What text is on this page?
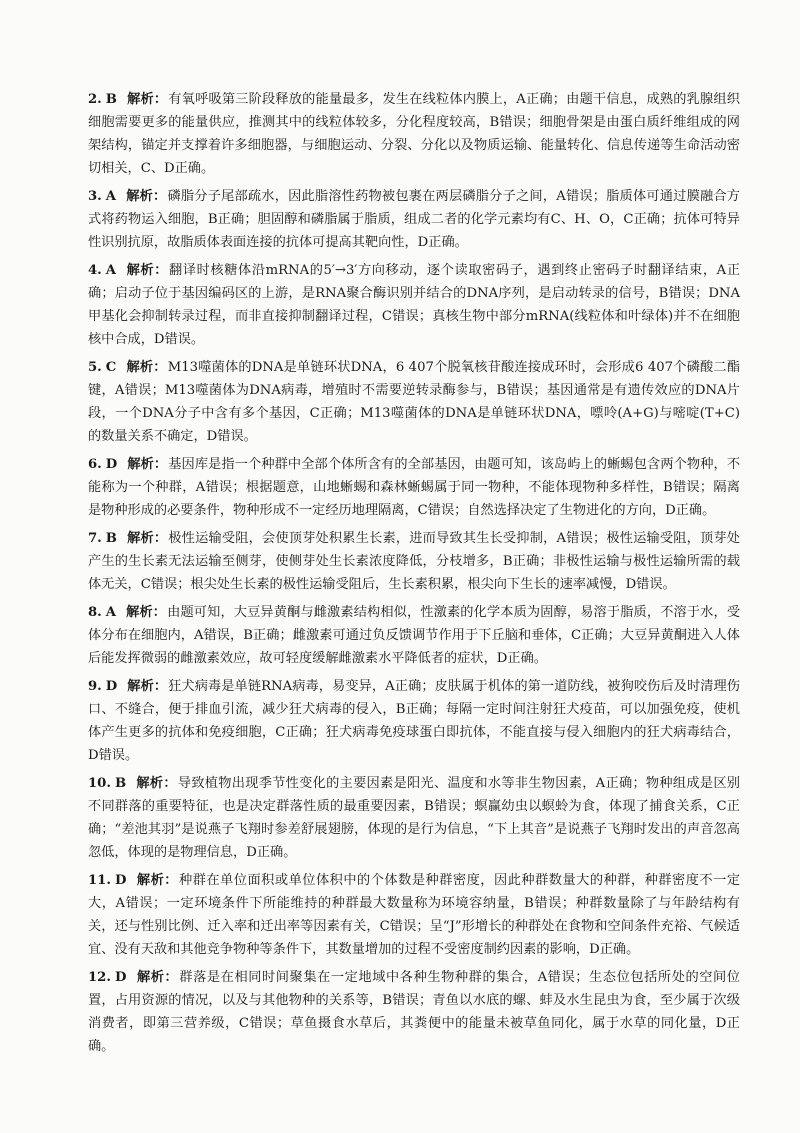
2. B 解析：有氧呼吸第三阶段释放的能量最多，发生在线粒体内膜上，A正确；由题干信息，成熟的乳腺组织细胞需要更多的能量供应，推测其中的线粒体较多，分化程度较高，B错误；细胞骨架是由蛋白质纤维组成的网架结构，锚定并支撑着许多细胞器，与细胞运动、分裂、分化以及物质运输、能量转化、信息传递等生命活动密切相关，C、D正确。
3. A 解析：磷脂分子尾部疏水，因此脂溶性药物被包裹在两层磷脂分子之间，A错误；脂质体可通过膜融合方式将药物运入细胞，B正确；胆固醇和磷脂属于脂质，组成二者的化学元素均有C、H、O，C正确；抗体可特异性识别抗原，故脂质体表面连接的抗体可提高其靶向性，D正确。
4. A 解析：翻译时核糖体沿mRNA的5′→3′方向移动，逐个读取密码子，遇到终止密码子时翻译结束，A正确；启动子位于基因编码区的上游，是RNA聚合酶识别并结合的DNA序列，是启动转录的信号，B错误；DNA甲基化会抑制转录过程，而非直接抑制翻译过程，C错误；真核生物中部分mRNA(线粒体和叶绿体)并不在细胞核中合成，D错误。
5. C 解析：M13噬菌体的DNA是单链环状DNA，6 407个脱氧核苷酸连接成环时，会形成6 407个磷酸二酯键，A错误；M13噬菌体为DNA病毒，增殖时不需要逆转录酶参与，B错误；基因通常是有遗传效应的DNA片段，一个DNA分子中含有多个基因，C正确；M13噬菌体的DNA是单链环状DNA，嘌呤(A+G)与嘧啶(T+C)的数量关系不确定，D错误。
6. D 解析：基因库是指一个种群中全部个体所含有的全部基因，由题可知，该岛屿上的蜥蜴包含两个物种，不能称为一个种群，A错误；根据题意，山地蜥蜴和森林蜥蜴属于同一物种，不能体现物种多样性，B错误；隔离是物种形成的必要条件，物种形成不一定经历地理隔离，C错误；自然选择决定了生物进化的方向，D正确。
7. B 解析：极性运输受阻，会使顶芽处积累生长素，进而导致其生长受抑制，A错误；极性运输受阻，顶芽处产生的生长素无法运输至侧芽，使侧芽处生长素浓度降低，分枝增多，B正确；非极性运输与极性运输所需的载体无关，C错误；根尖处生长素的极性运输受阻后，生长素积累，根尖向下生长的速率减慢，D错误。
8. A 解析：由题可知，大豆异黄酮与雌激素结构相似，性激素的化学本质为固醇，易溶于脂质，不溶于水，受体分布在细胞内，A错误，B正确；雌激素可通过负反馈调节作用于下丘脑和垂体，C正确；大豆异黄酮进入人体后能发挥微弱的雌激素效应，故可轻度缓解雌激素水平降低者的症状，D正确。
9. D 解析：狂犬病毒是单链RNA病毒，易变异，A正确；皮肤属于机体的第一道防线，被狗咬伤后及时清理伤口、不缝合，便于排血引流，减少狂犬病毒的侵入，B正确；每隔一定时间注射狂犬疫苗，可以加强免疫，使机体产生更多的抗体和免疫细胞，C正确；狂犬病毒免疫球蛋白即抗体，不能直接与侵入细胞内的狂犬病毒结合，D错误。
10. B 解析：导致植物出现季节性变化的主要因素是阳光、温度和水等非生物因素，A正确；物种组成是区别不同群落的重要特征，也是决定群落性质的最重要因素，B错误；螟赢幼虫以螟蛉为食，体现了捕食关系，C正确；“差池其羽”是说燕子飞翔时参差舒展翅膀，体现的是行为信息，“下上其音”是说燕子飞翔时发出的声音忽高忽低，体现的是物理信息，D正确。
11. D 解析：种群在单位面积或单位体积中的个体数是种群密度，因此种群数量大的种群，种群密度不一定大，A错误；一定环境条件下所能维持的种群最大数量称为环境容纳量，B错误；种群数量除了与年龄结构有关，还与性别比例、迁入率和迁出率等因素有关，C错误；呈“J”形增长的种群处在食物和空间条件充裕、气候适宜、没有天敌和其他竞争物种等条件下，其数量增加的过程不受密度制约因素的影响，D正确。
12. D 解析：群落是在相同时间聚集在一定地域中各种生物种群的集合，A错误；生态位包括所处的空间位置，占用资源的情况，以及与其他物种的关系等，B错误；青鱼以水底的螺、蚌及水生昆虫为食，至少属于次级消费者，即第三营养级，C错误；草鱼摄食水草后，其粪便中的能量未被草鱼同化，属于水草的同化量，D正确。
